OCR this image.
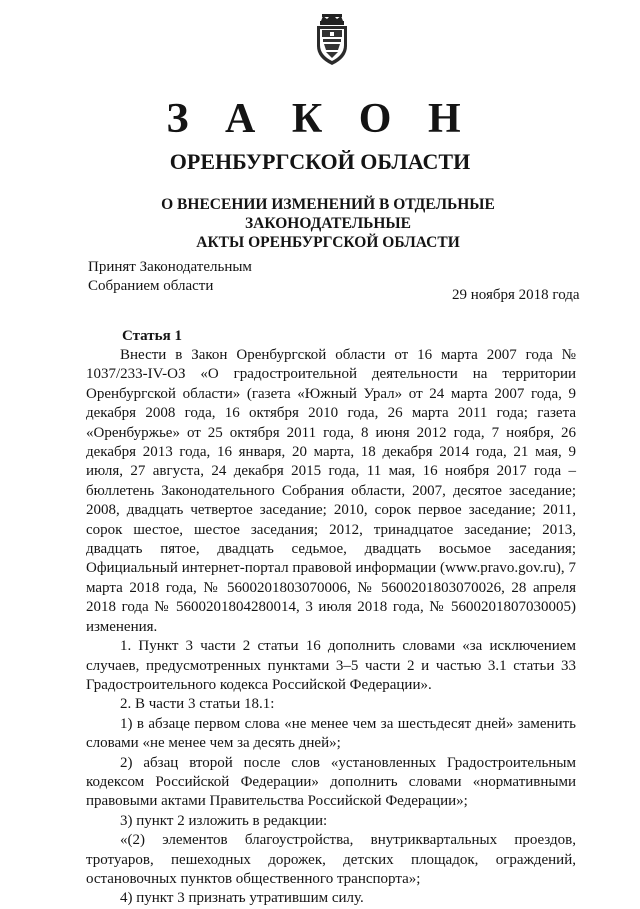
З А К О Н
ОРЕНБУРГСКОЙ ОБЛАСТИ
О ВНЕСЕНИИ ИЗМЕНЕНИЙ В ОТДЕЛЬНЫЕ ЗАКОНОДАТЕЛЬНЫЕ
АКТЫ ОРЕНБУРГСКОЙ ОБЛАСТИ
Принят Законодательным
Собранием области
29 ноября 2018 года
Статья 1

Внести в Закон Оренбургской области от 16 марта 2007 года № 1037/233-IV-ОЗ «О градостроительной деятельности на территории Оренбургской области» (газета «Южный Урал» от 24 марта 2007 года, 9 декабря 2008 года, 16 октября 2010 года, 26 марта 2011 года; газета «Оренбуржье» от 25 октября 2011 года, 8 июня 2012 года, 7 ноября, 26 декабря 2013 года, 16 января, 20 марта, 18 декабря 2014 года, 21 мая, 9 июля, 27 августа, 24 декабря 2015 года, 11 мая, 16 ноября 2017 года – бюллетень Законодательного Собрания области, 2007, десятое заседание; 2008, двадцать четвертое заседание; 2010, сорок первое заседание; 2011, сорок шестое, шестое заседания; 2012, тринадцатое заседание; 2013, двадцать пятое, двадцать седьмое, двадцать восьмое заседания; Официальный интернет-портал правовой информации (www.pravo.gov.ru), 7 марта 2018 года, № 5600201803070006, № 5600201803070026, 28 апреля 2018 года № 5600201804280014, 3 июля 2018 года, № 5600201807030005) изменения.

1. Пункт 3 части 2 статьи 16 дополнить словами «за исключением случаев, предусмотренных пунктами 3–5 части 2 и частью 3.1 статьи 33 Градостроительного кодекса Российской Федерации».

2. В части 3 статьи 18.1:

1) в абзаце первом слова «не менее чем за шестьдесят дней» заменить словами «не менее чем за десять дней»;

2) абзац второй после слов «установленных Градостроительным кодексом Российской Федерации» дополнить словами «нормативными правовыми актами Правительства Российской Федерации»;

3) пункт 2 изложить в редакции:

«(2) элементов благоустройства, внутриквартальных проездов, тротуаров, пешеходных дорожек, детских площадок, ограждений, остановочных пунктов общественного транспорта»;

4) пункт 3 признать утратившим силу.
